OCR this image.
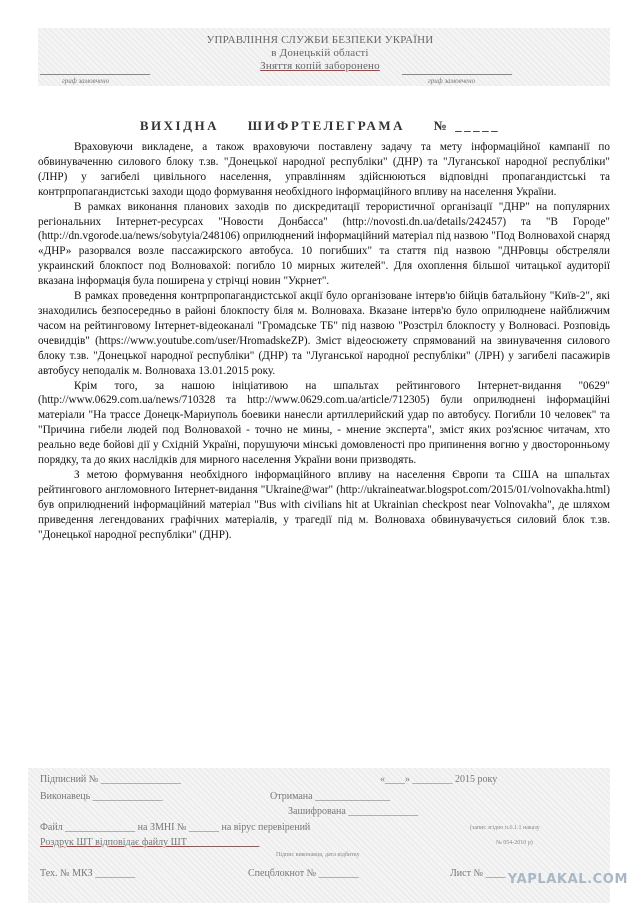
УПРАВЛІННЯ СЛУЖБИ БЕЗПЕКИ УКРАЇНИ
в Донецькій області
Зняття копій заборонено
гриф замовчено	гриф замовчено
ВИХІДНА     ШИФРТЕЛЕГРАМА     № _____

Враховуючи викладене, а також враховуючи поставлену задачу та мету інформаційної кампанії по обвинуваченню силового блоку т.зв. "Донецької народної республіки" (ДНР) та "Луганської народної республіки" (ЛНР) у загибелі цивільного населення, управлінням здійснюються відповідні пропагандистські та контрпропагандистські заходи щодо формування необхідного інформаційного впливу на населення України.

В рамках виконання планових заходів по дискредитації терористичної організації "ДНР" на популярних регіональних Інтернет-ресурсах "Новости Донбасса" (http://novosti.dn.ua/details/242457) та "В Городе" (http://dn.vgorode.ua/news/sobytyia/248106) оприлюднений інформаційний матеріал під назвою "Под Волновахой снаряд «ДНР» разорвался возле пассажирского автобуса. 10 погибших" та стаття під назвою "ДНРовцы обстреляли украинский блокпост под Волновахой: погибло 10 мирных жителей". Для охоплення більшої читацької аудиторії вказана інформація була поширена у стрічці новин "Укрнет".

В рамках проведення контрпропагандистської акції було організоване інтерв'ю бійців батальйону "Київ-2", які знаходились безпосередньо в районі блокпосту біля м. Волноваха. Вказане інтерв'ю було оприлюднене найближчим часом на рейтинговому Інтернет-відеоканалі "Громадське ТБ" під назвою "Розстріл блокпосту у Волновасі. Розповідь очевидців" (https://www.youtube.com/user/HromadskeZP). Зміст відеосюжету спрямований на звинувачення силового блоку т.зв. "Донецької народної республіки" (ДНР) та "Луганської народної республіки" (ЛРН) у загибелі пасажирів автобусу неподалік м. Волноваха 13.01.2015 року.

Крім того, за нашою ініціативою на шпальтах рейтингового Інтернет-видання "0629" (http://www.0629.com.ua/news/710328 та http://www.0629.com.ua/article/712305) були оприлюднені інформаційні матеріали "На трассе Донецк-Мариуполь боевики нанесли артиллерийский удар по автобусу. Погибли 10 человек" та "Причина гибели людей под Волновахой - точно не мины, - мнение эксперта", зміст яких роз'яснює читачам, хто реально веде бойові дії у Східній Україні, порушуючи мінські домовленості про припинення вогню у двосторонньому порядку, та до яких наслідків для мирного населення України вони призводять.

З метою формування необхідного інформаційного впливу на населення Європи та США на шпальтах рейтингового англомовного Інтернет-видання "Ukraine@war" (http://ukraineatwar.blogspot.com/2015/01/volnovakha.html) був оприлюднений інформаційний матеріал "Bus with civilians hit at Ukrainian checkpost near Volnovakha", де шляхом приведення легендованих графічних матеріалів, у трагедії під м. Волноваха обвинувачується силовий блок т.зв. "Донецької народної республіки" (ДНР).

Підписний № ________________	«____» ________ 2015 року
Виконавець ______________	Отримана _______________
Зашифрована ______________
Файл ______________ на ЗМНІ № ______ на вірус перевірений	(запис згідно п.6.1.1 наказу
Роздрук ШТ відповідає файлу ШТ ______________	№ 054-2010 р)
Підпис виконавця, дата відбитку
Тех. № МКЗ ________	Спецблокнот № ________	Лист № ____ YAPLAKAL.COM
